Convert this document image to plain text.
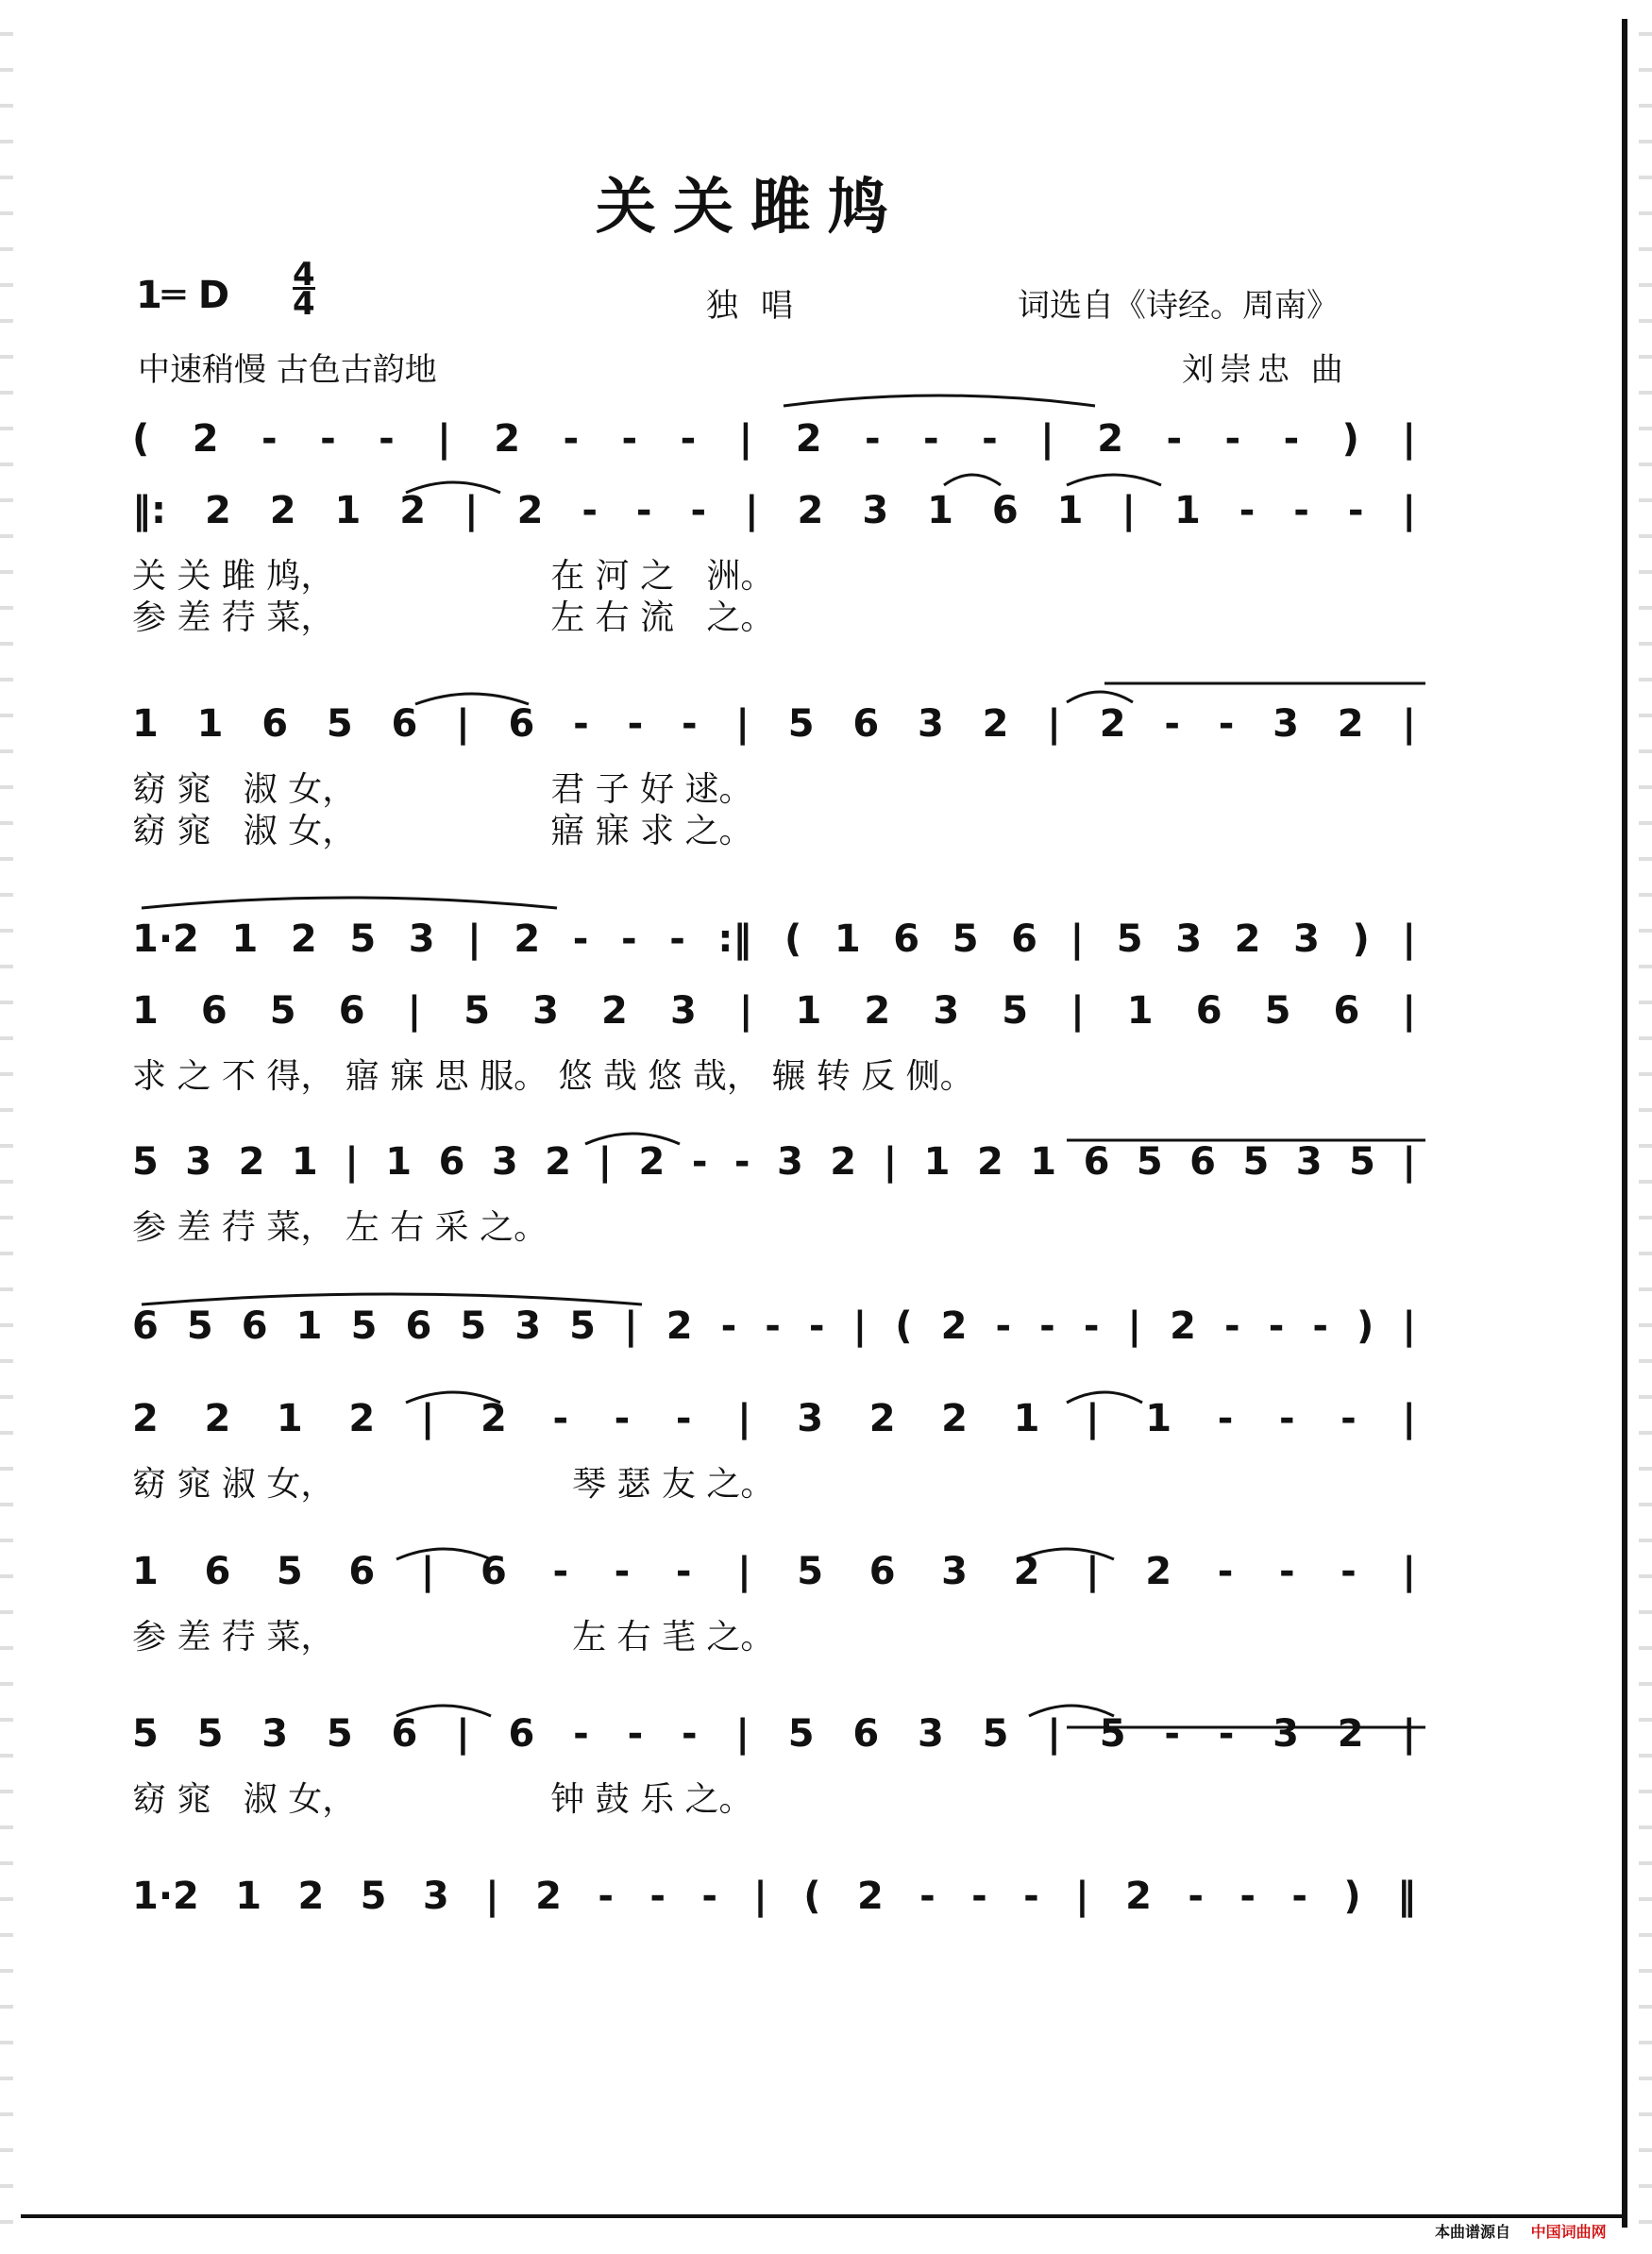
关关雎鸠
1═ D $\frac{4}{4}$	独唱	词选自《诗经。周南》
中速稍慢 古色古韵地	刘崇忠 曲
( 2 - - - | 2 - - - | 2 - - - | 2 - - - ) |
‖: 2 2 1 2 | 2 - - - | 2 3 1 6 1 | 1 - - - |
关 关 雎 鸠，                    在 河 之   洲。
参 差 荇 菜，                    左 右 流   之。
1 1 6 5 6 | 6 - - - | 5 6 3 2 | 2 - - 3 2 |
窈 窕   淑 女，                  君 子 好 逑。
窈 窕   淑 女，                  寤 寐 求 之。
1·2 1 2 5 3 | 2 - - - :‖ ( 1 6 5 6 | 5 3 2 3 ) |
1 6 5 6 | 5 3 2 3 | 1 2 3 5 | 1 6 5 6 |
求 之 不 得， 寤 寐 思 服。 悠 哉 悠 哉， 辗 转 反 侧。
5 3 2 1 | 1 6 3 2 | 2 - - 3 2 | 1 2 1 6 5 6 5 3 5 |
参 差 荇 菜， 左 右 采 之。
6 5 6 1 5 6 5 3 5 | 2 - - - | ( 2 - - - | 2 - - - ) |
2 2 1 2 | 2 - - - | 3 2 2 1 | 1 - - - |
窈 窕 淑 女，                      琴 瑟 友 之。
1 6 5 6 | 6 - - - | 5 6 3 2 | 2 - - - |
参 差 荇 菜，                      左 右 芼 之。
5 5 3 5 6 | 6 - - - | 5 6 3 5 | 5 - - 3 2 |
窈 窕   淑 女，                  钟 鼓 乐 之。
1·2 1 2 5 3 | 2 - - - | ( 2 - - - | 2 - - - ) ‖
本曲谱源自 中国词曲网
